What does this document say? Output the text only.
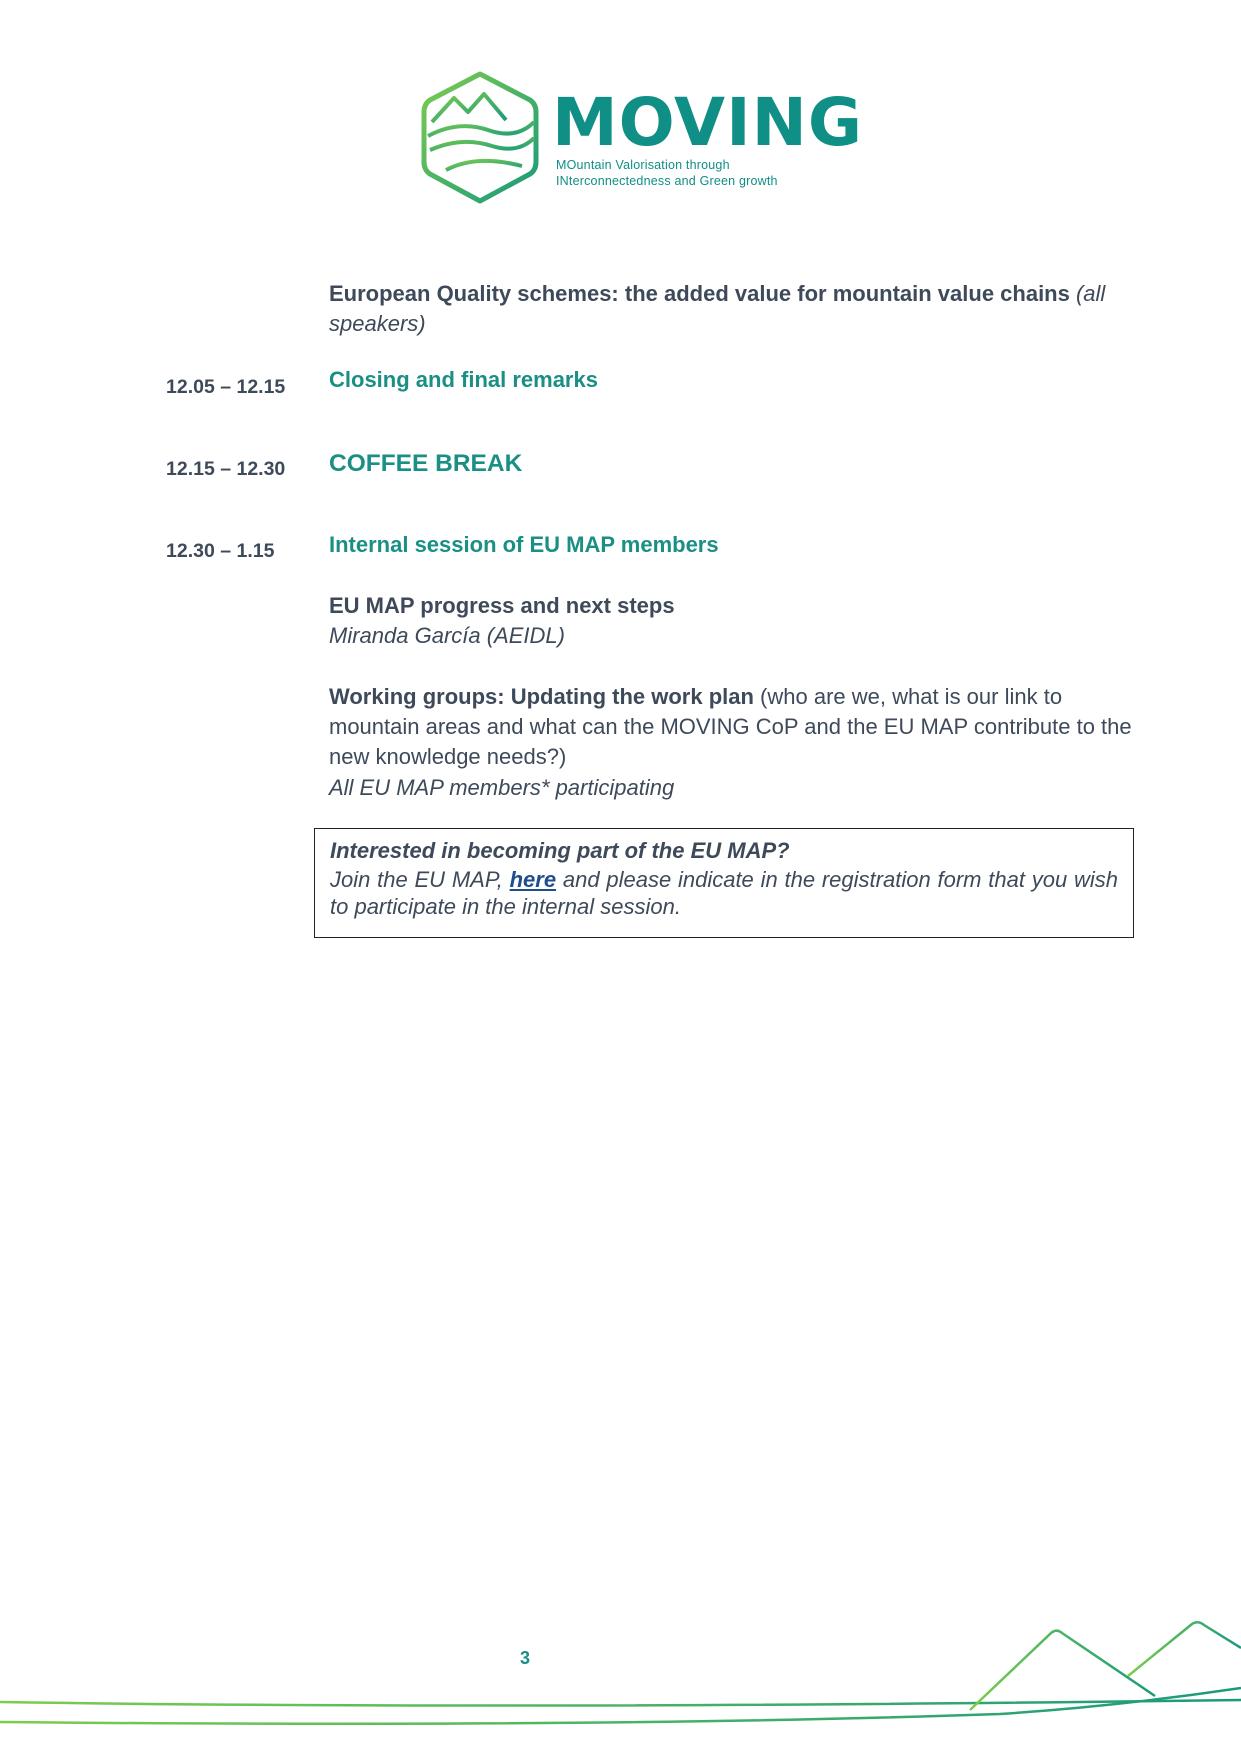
MOVING
MOuntain Valorisation through
INterconnectedness and Green growth
European Quality schemes: the added value for mountain value chains (all speakers)
12.05 – 12.15 Closing and final remarks
12.15 – 12.30 COFFEE BREAK
12.30 – 1.15 Internal session of EU MAP members
EU MAP progress and next steps
Miranda García (AEIDL)
Working groups: Updating the work plan (who are we, what is our link to mountain areas and what can the MOVING CoP and the EU MAP contribute to the new knowledge needs?)
All EU MAP members* participating
Interested in becoming part of the EU MAP?
Join the EU MAP, here and please indicate in the registration form that you wish to participate in the internal session.
3
